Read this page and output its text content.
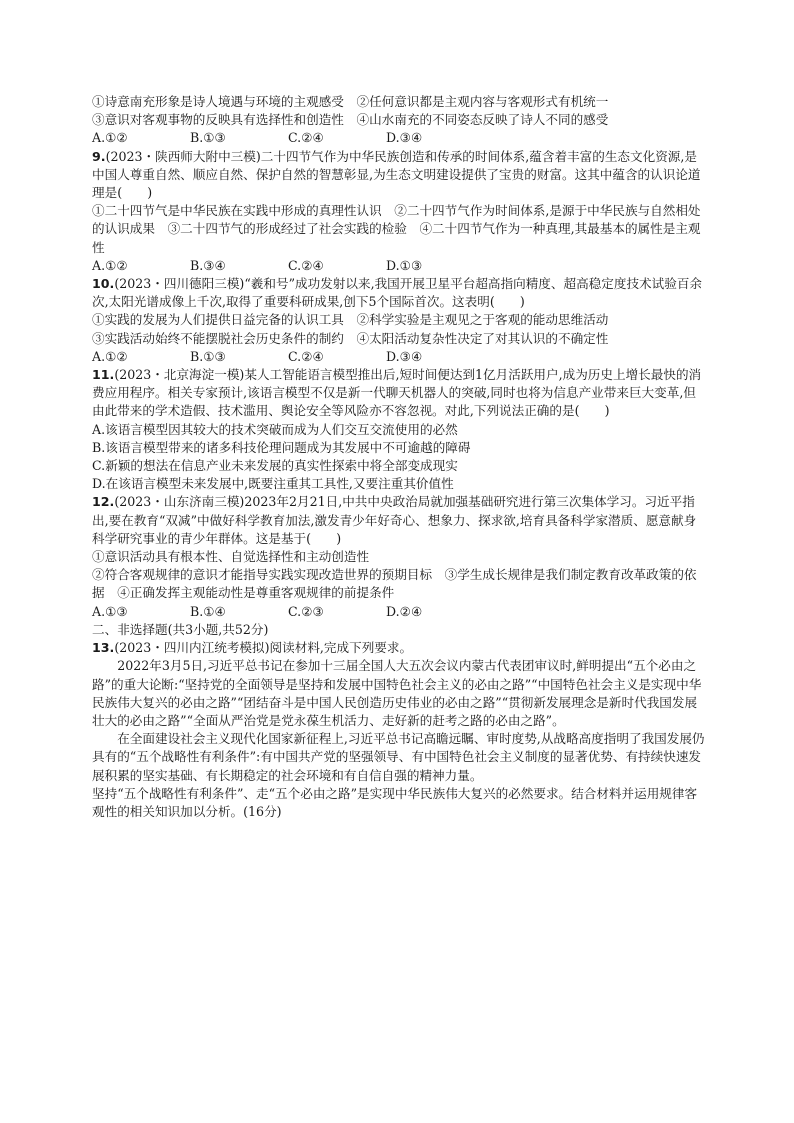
①诗意南充形象是诗人境遇与环境的主观感受　 ②任何意识都是主观内容与客观形式有机统一
③意识对客观事物的反映具有选择性和创造性　 ④山水南充的不同姿态反映了诗人不同的感受
A.①②	B.①③	C.②④	D.③④
9.(2023・陕西师大附中三模)二十四节气作为中华民族创造和传承的时间体系,蕴含着丰富的生态文化资源,是中国人尊重自然、顺应自然、保护自然的智慧彰显,为生态文明建设提供了宝贵的财富。这其中蕴含的认识论道理是(　　)
①二十四节气是中华民族在实践中形成的真理性认识　②二十四节气作为时间体系,是源于中华民族与自然相处的认识成果　③二十四节气的形成经过了社会实践的检验　④二十四节气作为一种真理,其最基本的属性是主观性
A.①②	B.③④	C.②④	D.①③
10.(2023・四川德阳三模)“羲和号”成功发射以来,我国开展卫星平台超高指向精度、超高稳定度技术试验百余次,太阳光谱成像上千次,取得了重要科研成果,创下5个国际首次。这表明(　　)
①实践的发展为人们提供日益完备的认识工具　②科学实验是主观见之于客观的能动思维活动
③实践活动始终不能摆脱社会历史条件的制约　④太阳活动复杂性决定了对其认识的不确定性
A.①②	B.①③	C.②④	D.③④
11.(2023・北京海淀一模)某人工智能语言模型推出后,短时间便达到1亿月活跃用户,成为历史上增长最快的消费应用程序。相关专家预计,该语言模型不仅是新一代聊天机器人的突破,同时也将为信息产业带来巨大变革,但由此带来的学术造假、技术滥用、舆论安全等风险亦不容忽视。对此,下列说法正确的是(　　)
A.该语言模型因其较大的技术突破而成为人们交互交流使用的必然
B.该语言模型带来的诸多科技伦理问题成为其发展中不可逾越的障碍
C.新颖的想法在信息产业未来发展的真实性探索中将全部变成现实
D.在该语言模型未来发展中,既要注重其工具性,又要注重其价值性
12.(2023・山东济南三模)2023年2月21日,中共中央政治局就加强基础研究进行第三次集体学习。习近平指出,要在教育“双减”中做好科学教育加法,激发青少年好奇心、想象力、探求欲,培育具备科学家潜质、愿意献身科学研究事业的青少年群体。这是基于(　　)
①意识活动具有根本性、自觉选择性和主动创造性
②符合客观规律的意识才能指导实践实现改造世界的预期目标　③学生成长规律是我们制定教育改革政策的依据　④正确发挥主观能动性是尊重客观规律的前提条件
A.①③	B.①④	C.②③	D.②④
二、非选择题(共3小题,共52分)
13.(2023・四川内江统考模拟)阅读材料,完成下列要求。
2022年3月5日,习近平总书记在参加十三届全国人大五次会议内蒙古代表团审议时,鲜明提出“五个必由之路”的重大论断:“坚持党的全面领导是坚持和发展中国特色社会主义的必由之路”“中国特色社会主义是实现中华民族伟大复兴的必由之路”“团结奋斗是中国人民创造历史伟业的必由之路”“贯彻新发展理念是新时代我国发展壮大的必由之路”“全面从严治党是党永葆生机活力、走好新的赶考之路的必由之路”。
在全面建设社会主义现代化国家新征程上,习近平总书记高瞻远瞩、审时度势,从战略高度指明了我国发展仍具有的“五个战略性有利条件”:有中国共产党的坚强领导、有中国特色社会主义制度的显著优势、有持续快速发展积累的坚实基础、有长期稳定的社会环境和有自信自强的精神力量。
坚持“五个战略性有利条件”、走“五个必由之路”是实现中华民族伟大复兴的必然要求。结合材料并运用规律客观性的相关知识加以分析。(16分)
